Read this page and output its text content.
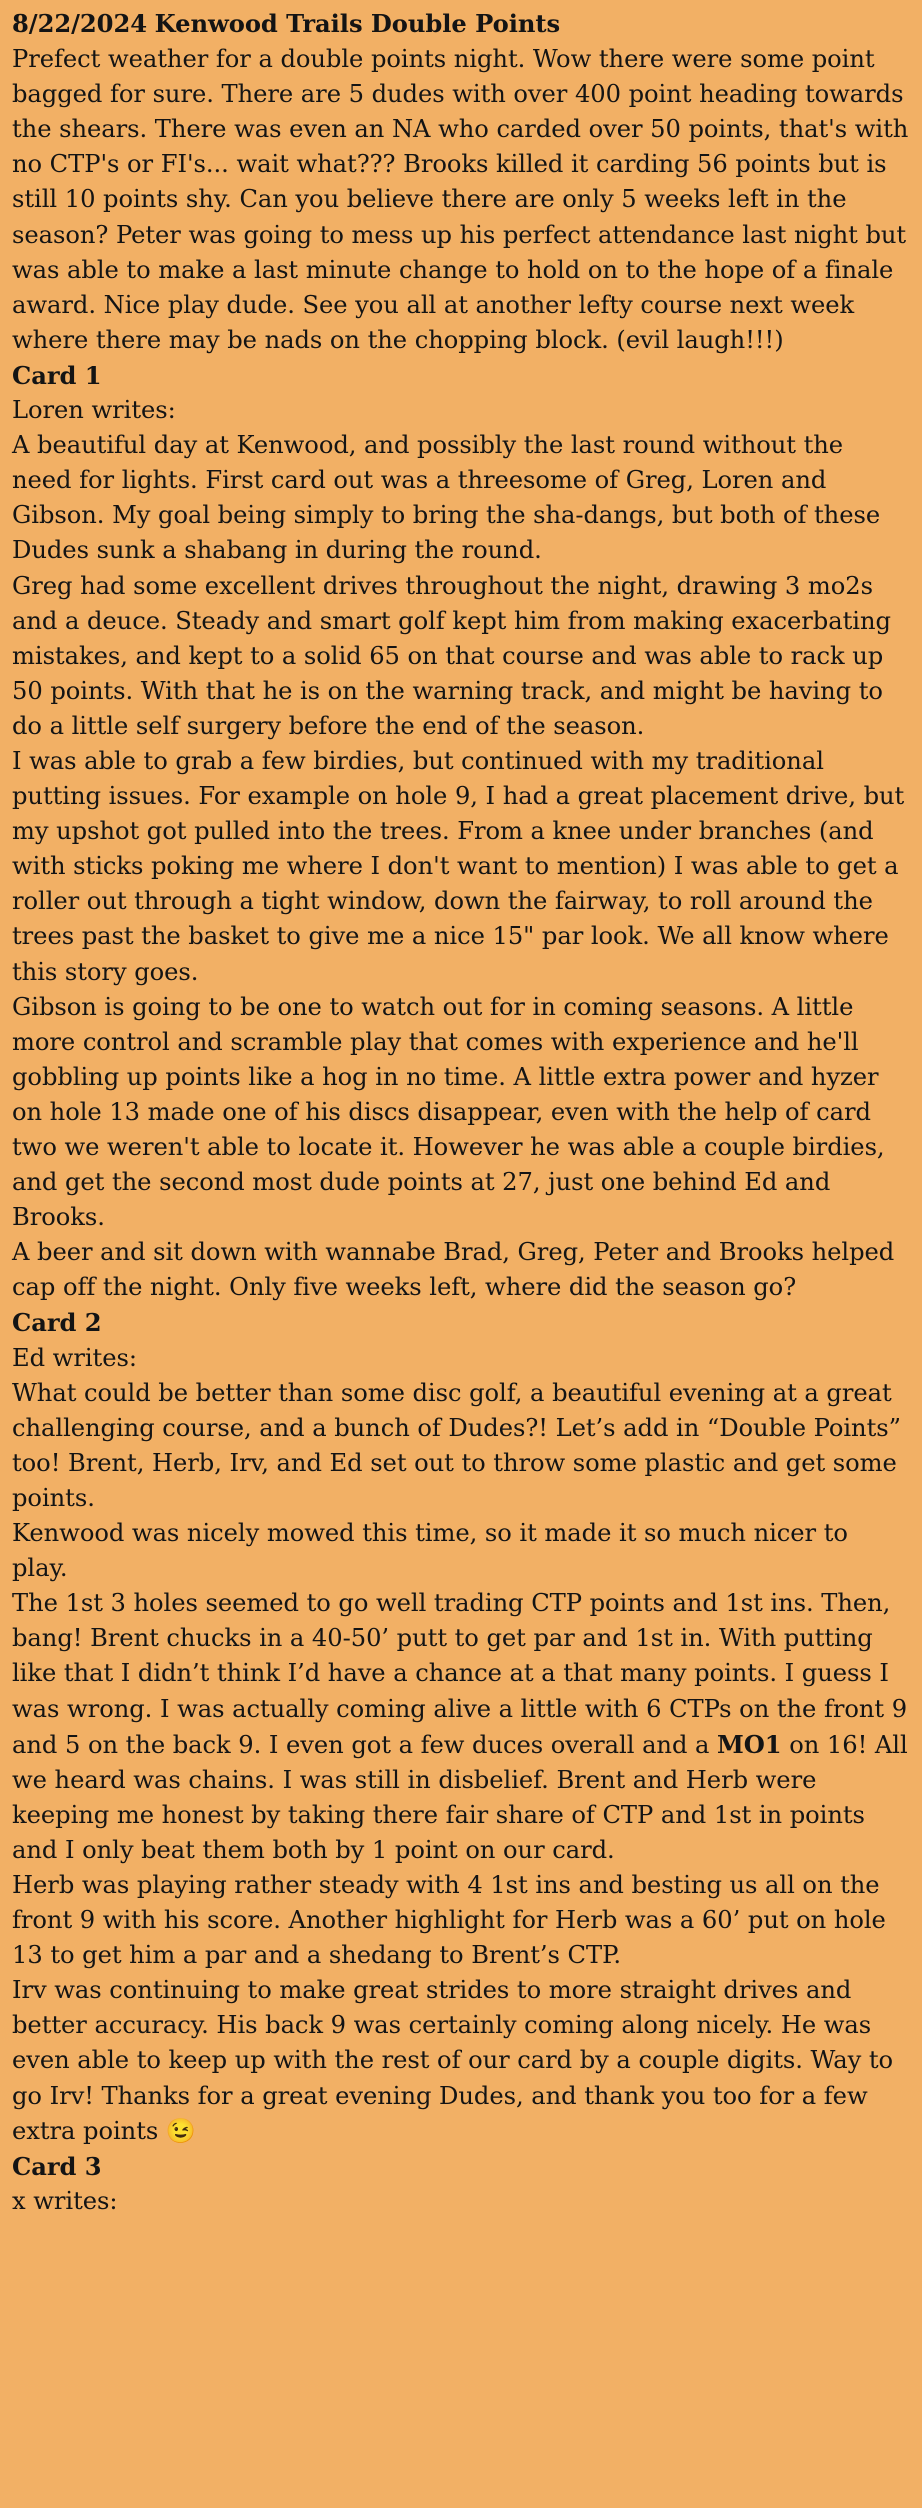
8/22/2024 Kenwood Trails Double Points

Prefect weather for a double points night. Wow there were some point bagged for sure. There are 5 dudes with over 400 point heading towards the shears. There was even an NA who carded over 50 points, that's with no CTP's or FI's... wait what??? Brooks killed it carding 56 points but is still 10 points shy. Can you believe there are only 5 weeks left in the season? Peter was going to mess up his perfect attendance last night but was able to make a last minute change to hold on to the hope of a finale award. Nice play dude. See you all at another lefty course next week where there may be nads on the chopping block. (evil laugh!!!)

Card 1

Loren writes:

A beautiful day at Kenwood, and possibly the last round without the need for lights. First card out was a threesome of Greg, Loren and Gibson. My goal being simply to bring the sha-dangs, but both of these Dudes sunk a shabang in during the round.

Greg had some excellent drives throughout the night, drawing 3 mo2s and a deuce. Steady and smart golf kept him from making exacerbating mistakes, and kept to a solid 65 on that course and was able to rack up 50 points. With that he is on the warning track, and might be having to do a little self surgery before the end of the season.

I was able to grab a few birdies, but continued with my traditional putting issues. For example on hole 9, I had a great placement drive, but my upshot got pulled into the trees. From a knee under branches (and with sticks poking me where I don't want to mention) I was able to get a roller out through a tight window, down the fairway, to roll around the trees past the basket to give me a nice 15" par look. We all know where this story goes.

Gibson is going to be one to watch out for in coming seasons. A little more control and scramble play that comes with experience and he'll gobbling up points like a hog in no time. A little extra power and hyzer on hole 13 made one of his discs disappear, even with the help of card two we weren't able to locate it. However he was able a couple birdies, and get the second most dude points at 27, just one behind Ed and Brooks.

A beer and sit down with wannabe Brad, Greg, Peter and Brooks helped cap off the night. Only five weeks left, where did the season go?

Card 2

Ed writes:

What could be better than some disc golf, a beautiful evening at a great challenging course, and a bunch of Dudes?! Let’s add in “Double Points” too! Brent, Herb, Irv, and Ed set out to throw some plastic and get some points.

Kenwood was nicely mowed this time, so it made it so much nicer to play.

The 1st 3 holes seemed to go well trading CTP points and 1st ins. Then, bang! Brent chucks in a 40-50’ putt to get par and 1st in. With putting like that I didn’t think I’d have a chance at a that many points. I guess I was wrong. I was actually coming alive a little with 6 CTPs on the front 9 and 5 on the back 9. I even got a few duces overall and a MO1 on 16! All we heard was chains. I was still in disbelief. Brent and Herb were keeping me honest by taking there fair share of CTP and 1st in points and I only beat them both by 1 point on our card.

Herb was playing rather steady with 4 1st ins and besting us all on the front 9 with his score. Another highlight for Herb was a 60’ put on hole 13 to get him a par and a shedang to Brent’s CTP.

Irv was continuing to make great strides to more straight drives and better accuracy. His back 9 was certainly coming along nicely. He was even able to keep up with the rest of our card by a couple digits. Way to go Irv! Thanks for a great evening Dudes, and thank you too for a few extra points 😉

Card 3

x writes:
